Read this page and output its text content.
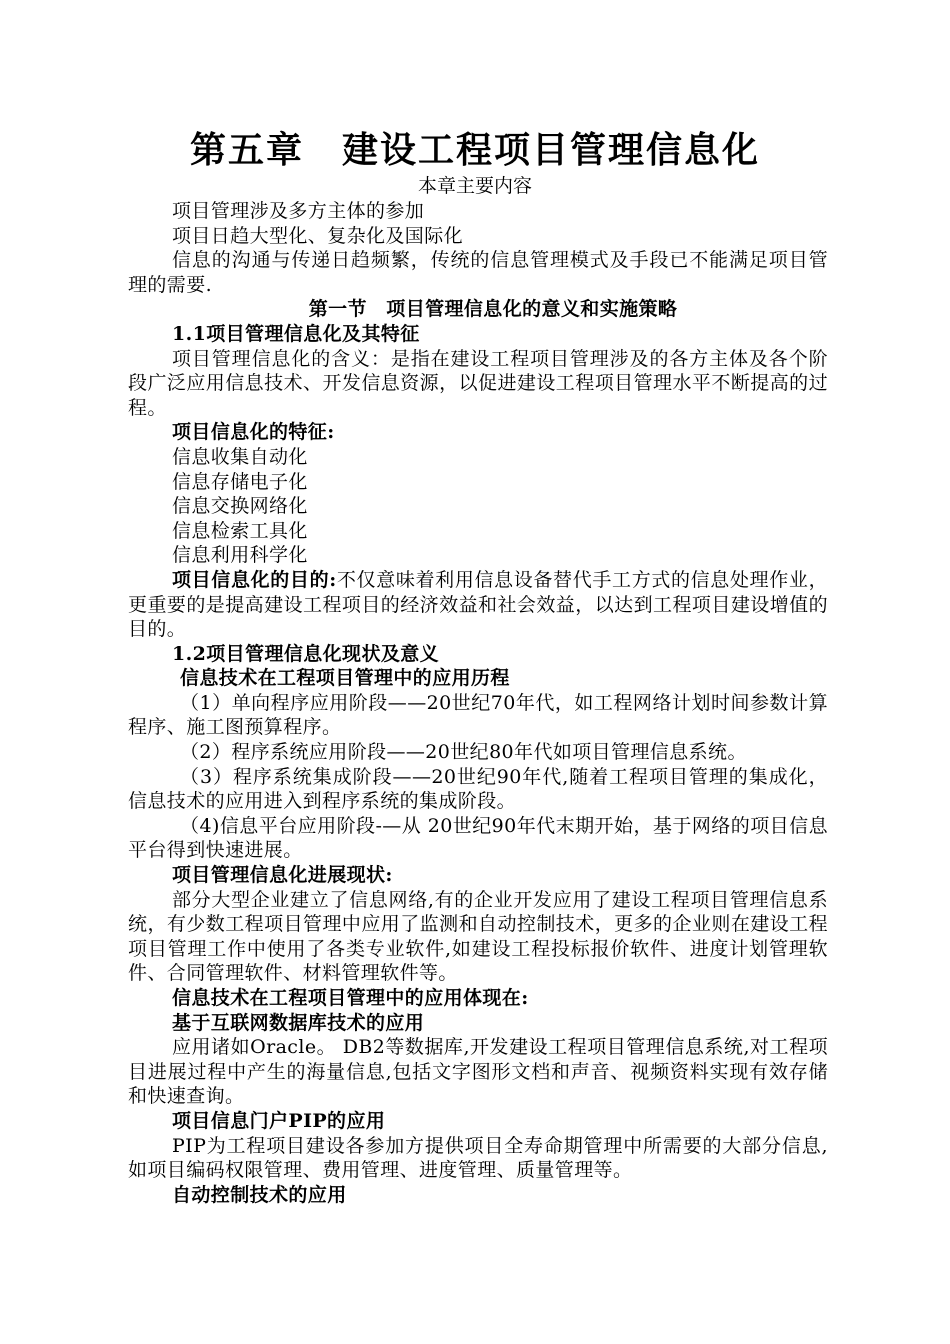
第五章　建设工程项目管理信息化
本章主要内容

项目管理涉及多方主体的参加

项目日趋大型化、复杂化及国际化

信息的沟通与传递日趋频繁，传统的信息管理模式及手段已不能满足项目管理的需要.

第一节　项目管理信息化的意义和实施策略

1.1项目管理信息化及其特征

项目管理信息化的含义：是指在建设工程项目管理涉及的各方主体及各个阶段广泛应用信息技术、开发信息资源，以促进建设工程项目管理水平不断提高的过程。

项目信息化的特征:

信息收集自动化

信息存储电子化

信息交换网络化

信息检索工具化

信息利用科学化

项目信息化的目的:不仅意味着利用信息设备替代手工方式的信息处理作业，更重要的是提高建设工程项目的经济效益和社会效益，以达到工程项目建设增值的目的。

1.2项目管理信息化现状及意义

信息技术在工程项目管理中的应用历程

（1）单向程序应用阶段——20世纪70年代，如工程网络计划时间参数计算程序、施工图预算程序。

（2）程序系统应用阶段——20世纪80年代如项目管理信息系统。

（3）程序系统集成阶段——20世纪90年代,随着工程项目管理的集成化，信息技术的应用进入到程序系统的集成阶段。

（4)信息平台应用阶段-—从 20世纪90年代末期开始，基于网络的项目信息平台得到快速进展。

项目管理信息化进展现状:

部分大型企业建立了信息网络,有的企业开发应用了建设工程项目管理信息系统，有少数工程项目管理中应用了监测和自动控制技术，更多的企业则在建设工程项目管理工作中使用了各类专业软件,如建设工程投标报价软件、进度计划管理软件、合同管理软件、材料管理软件等。

信息技术在工程项目管理中的应用体现在:

基于互联网数据库技术的应用

应用诸如Oracle。 DB2等数据库,开发建设工程项目管理信息系统,对工程项目进展过程中产生的海量信息,包括文字图形文档和声音、视频资料实现有效存储和快速查询。

项目信息门户PIP的应用

PIP为工程项目建设各参加方提供项目全寿命期管理中所需要的大部分信息,如项目编码权限管理、费用管理、进度管理、质量管理等。

自动控制技术的应用
